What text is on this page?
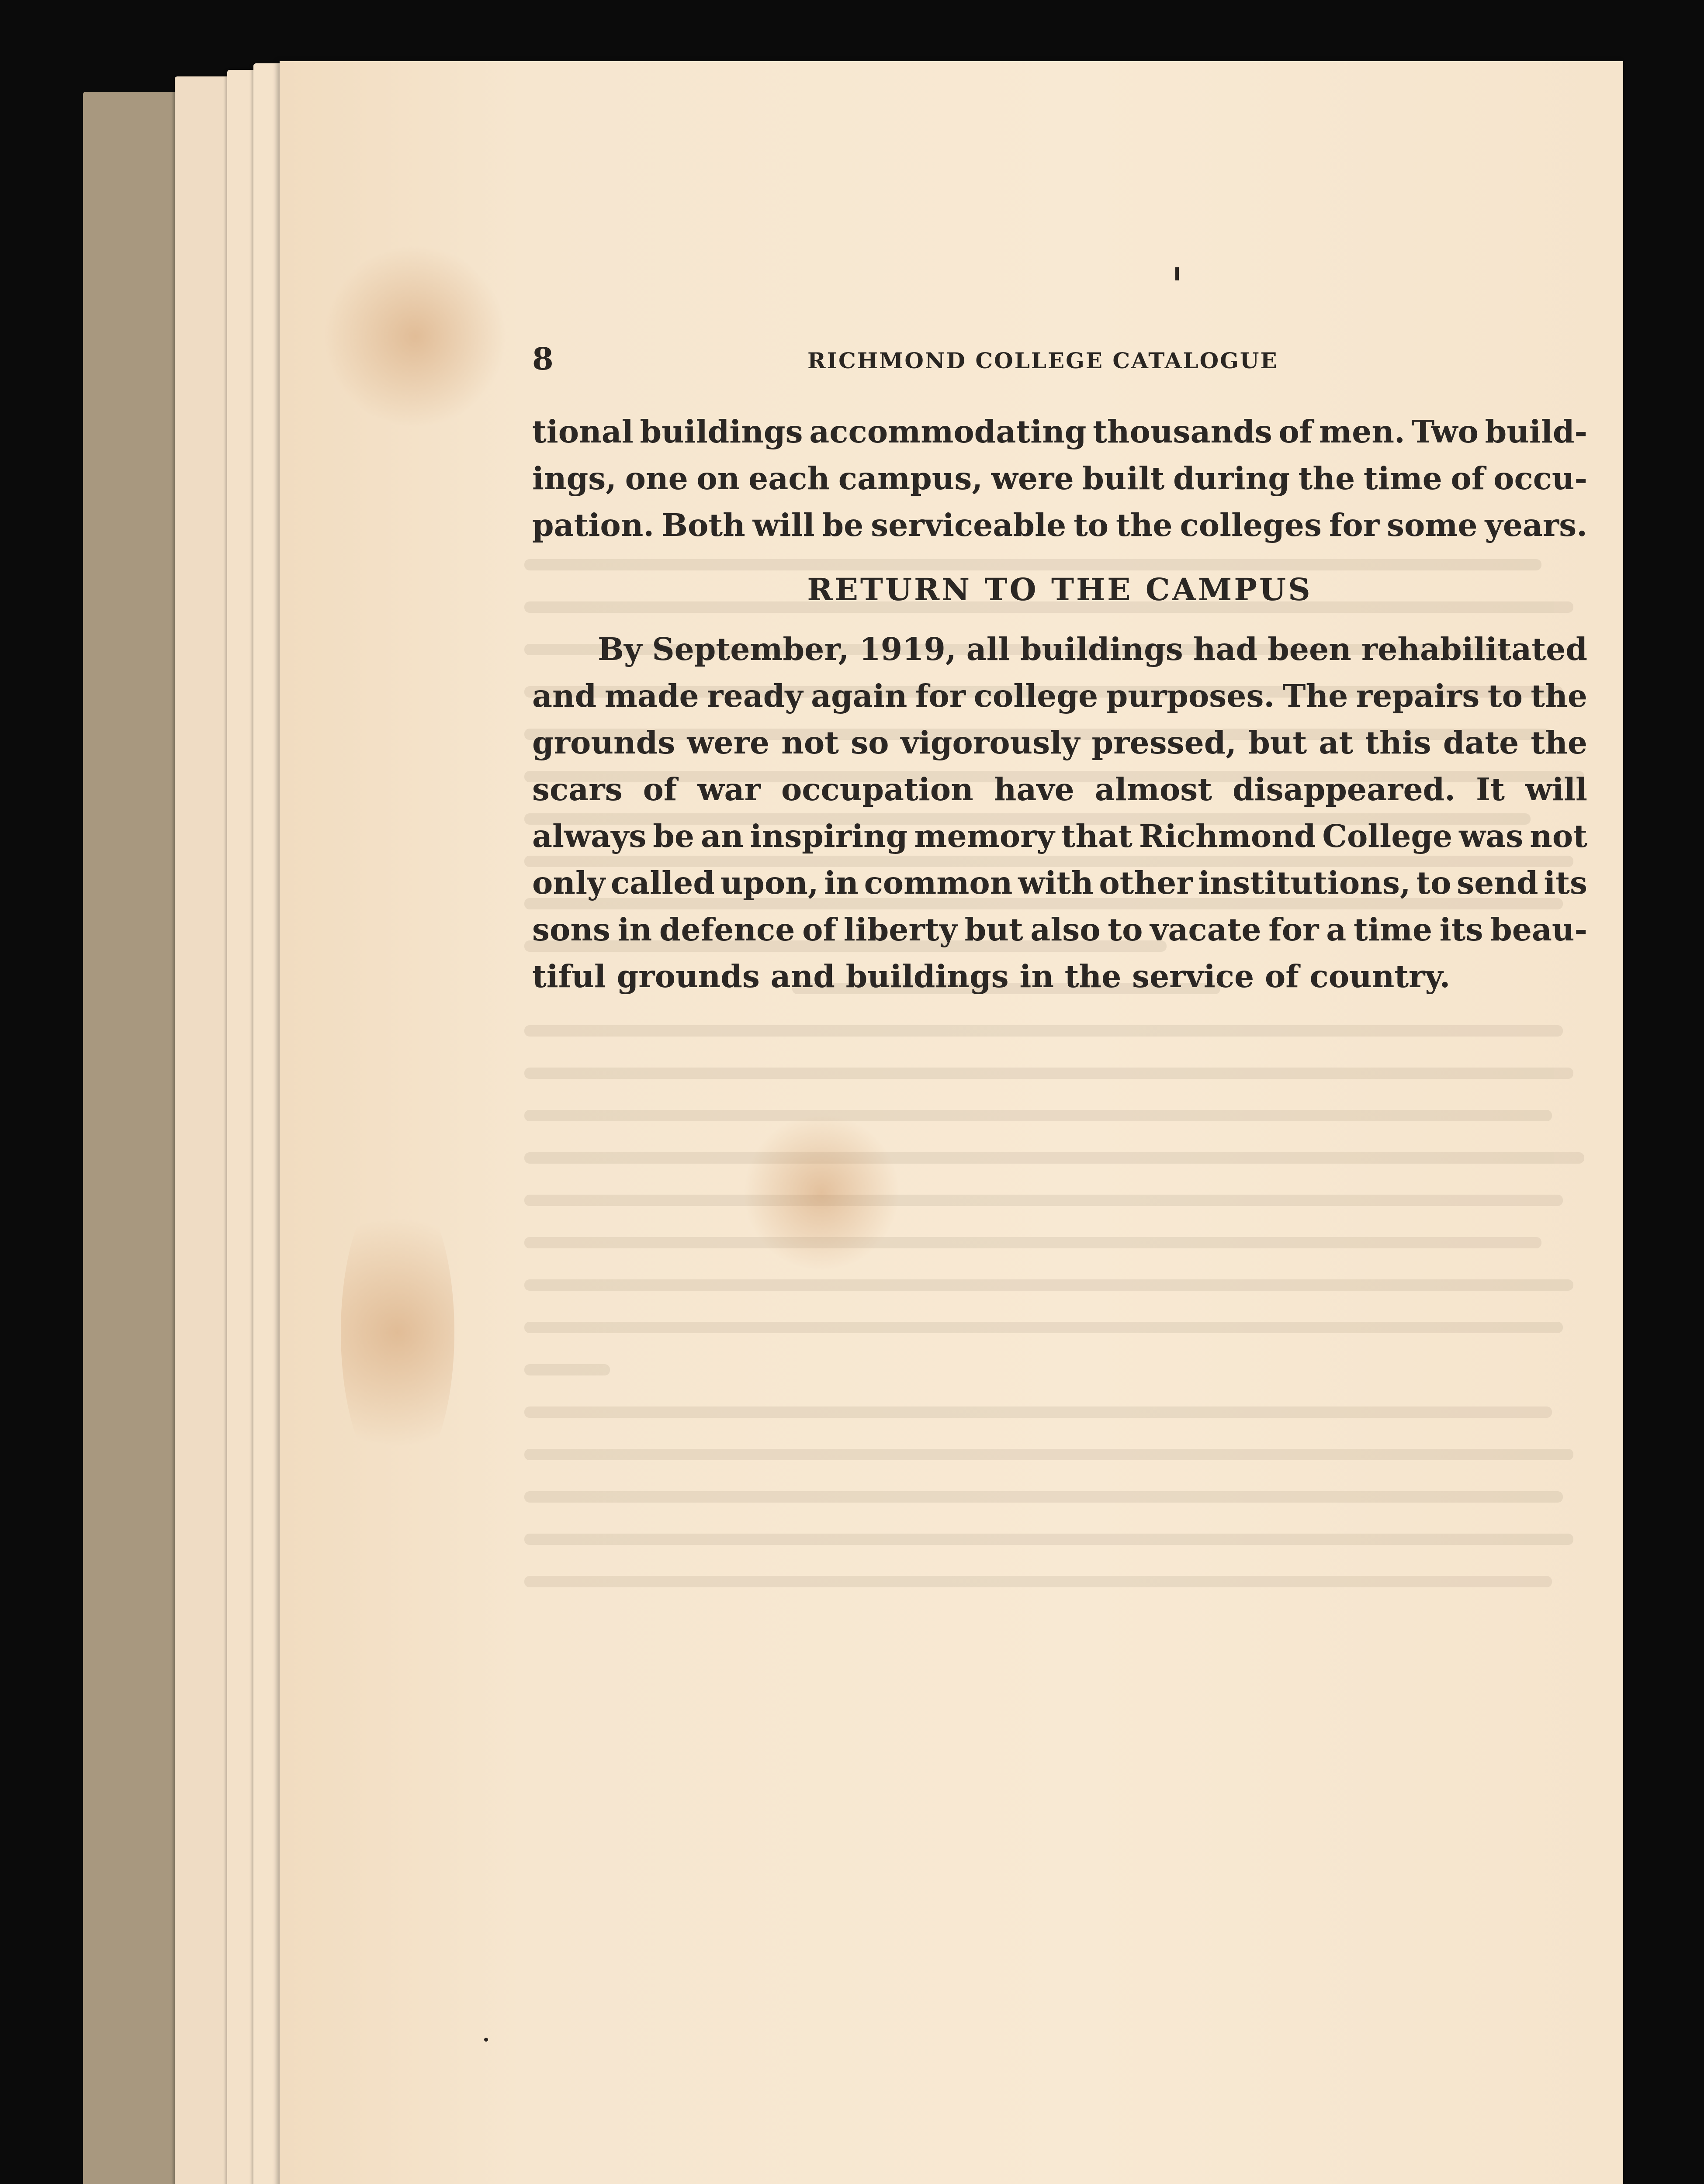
8	RICHMOND COLLEGE CATALOGUE
tional buildings accommodating thousands of men. Two build-
ings, one on each campus, were built during the time of occu-
pation. Both will be serviceable to the colleges for some years.
RETURN TO THE CAMPUS
By September, 1919, all buildings had been rehabilitated
and made ready again for college purposes. The repairs to the
grounds were not so vigorously pressed, but at this date the
scars of war occupation have almost disappeared. It will
always be an inspiring memory that Richmond College was not
only called upon, in common with other institutions, to send its
sons in defence of liberty but also to vacate for a time its beau-
tiful grounds and buildings in the service of country.
